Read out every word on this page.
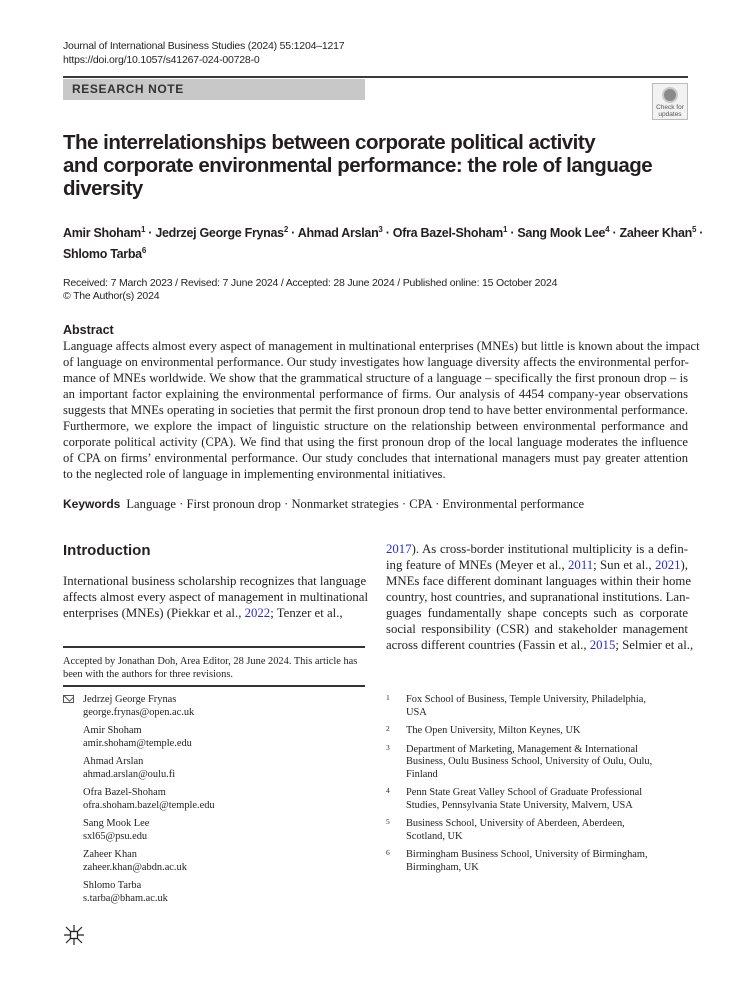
Journal of International Business Studies (2024) 55:1204–1217
https://doi.org/10.1057/s41267-024-00728-0
RESEARCH NOTE
Check for
updates
The interrelationships between corporate political activity
and corporate environmental performance: the role of language
diversity
Amir Shoham$^1$ · Jedrzej George Frynas$^2$ · Ahmad Arslan$^3$ · Ofra Bazel-Shoham$^1$ · Sang Mook Lee$^4$ · Zaheer Khan$^5$ ·
Shlomo Tarba$^6$
Received: 7 March 2023 / Revised: 7 June 2024 / Accepted: 28 June 2024 / Published online: 15 October 2024
© The Author(s) 2024
Abstract
Language affects almost every aspect of management in multinational enterprises (MNEs) but little is known about the impact
of language on environmental performance. Our study investigates how language diversity affects the environmental perfor-
mance of MNEs worldwide. We show that the grammatical structure of a language – specifically the first pronoun drop – is
an important factor explaining the environmental performance of firms. Our analysis of 4454 company-year observations
suggests that MNEs operating in societies that permit the first pronoun drop tend to have better environmental performance.
Furthermore, we explore the impact of linguistic structure on the relationship between environmental performance and
corporate political activity (CPA). We find that using the first pronoun drop of the local language moderates the influence
of CPA on firms’ environmental performance. Our study concludes that international managers must pay greater attention
to the neglected role of language in implementing environmental initiatives.
Keywords Language · First pronoun drop · Nonmarket strategies · CPA · Environmental performance
Introduction
International business scholarship recognizes that language
affects almost every aspect of management in multinational
enterprises (MNEs) (Piekkar et al., 2022; Tenzer et al.,
2017). As cross-border institutional multiplicity is a defin-
ing feature of MNEs (Meyer et al., 2011; Sun et al., 2021),
MNEs face different dominant languages within their home
country, host countries, and supranational institutions. Lan-
guages fundamentally shape concepts such as corporate
social responsibility (CSR) and stakeholder management
across different countries (Fassin et al., 2015; Selmier et al.,
Accepted by Jonathan Doh, Area Editor, 28 June 2024. This article has been with the authors for three revisions.
Jedrzej George Frynas
george.frynas@open.ac.uk
Amir Shoham
amir.shoham@temple.edu
Ahmad Arslan
ahmad.arslan@oulu.fi
Ofra Bazel-Shoham
ofra.shoham.bazel@temple.edu
Sang Mook Lee
sxl65@psu.edu
Zaheer Khan
zaheer.khan@abdn.ac.uk
Shlomo Tarba
s.tarba@bham.ac.uk
1 Fox School of Business, Temple University, Philadelphia,
USA
2 The Open University, Milton Keynes, UK
3 Department of Marketing, Management & International
Business, Oulu Business School, University of Oulu, Oulu,
Finland
4 Penn State Great Valley School of Graduate Professional
Studies, Pennsylvania State University, Malvern, USA
5 Business School, University of Aberdeen, Aberdeen,
Scotland, UK
6 Birmingham Business School, University of Birmingham,
Birmingham, UK
